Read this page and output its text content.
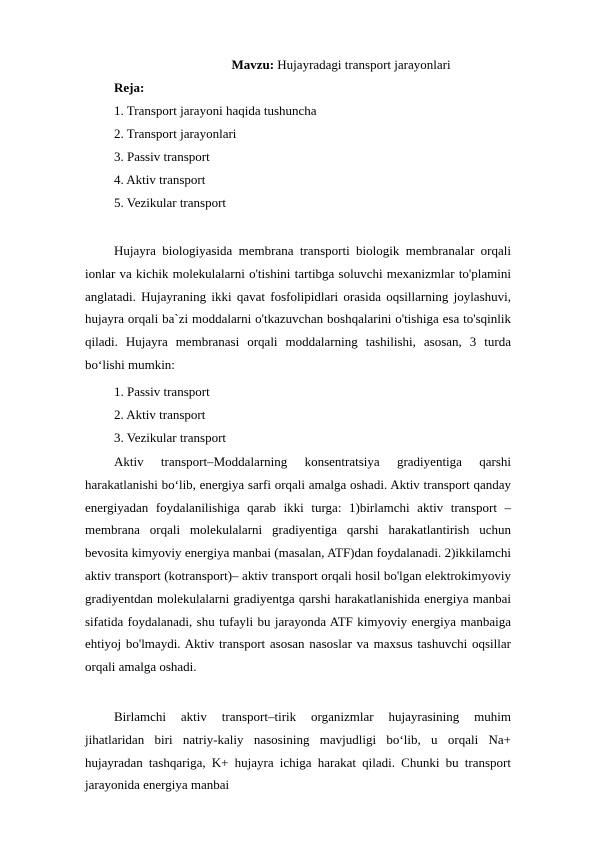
Mavzu: Hujayradagi transport jarayonlari
Reja:
1. Transport jarayoni haqida tushuncha
2. Transport jarayonlari
3. Passiv transport
4. Aktiv transport
5. Vezikular transport

Hujayra biologiyasida membrana transporti biologik membranalar orqali ionlar va kichik molekulalarni o'tishini tartibga soluvchi mexanizmlar to'plamini anglatadi. Hujayraning ikki qavat fosfolipidlari orasida oqsillarning joylashuvi, hujayra orqali ba`zi moddalarni o'tkazuvchan boshqalarini o'tishiga esa to'sqinlik qiladi. Hujayra membranasi orqali moddalarning tashilishi, asosan, 3 turda bo‘lishi mumkin:

1. Passiv transport
2. Aktiv transport
3. Vezikular transport

Aktiv transport–Moddalarning konsentratsiya gradiyentiga qarshi harakatlanishi bo‘lib, energiya sarfi orqali amalga oshadi. Aktiv transport qanday energiyadan foydalanilishiga qarab ikki turga: 1)birlamchi aktiv transport – membrana orqali molekulalarni gradiyentiga qarshi harakatlantirish uchun bevosita kimyoviy energiya manbai (masalan, ATF)dan foydalanadi. 2)ikkilamchi aktiv transport (kotransport)– aktiv transport orqali hosil bo'lgan elektrokimyoviy gradiyentdan molekulalarni gradiyentga qarshi harakatlanishida energiya manbai sifatida foydalanadi, shu tufayli bu jarayonda ATF kimyoviy energiya manbaiga ehtiyoj bo'lmaydi. Aktiv transport asosan nasoslar va maxsus tashuvchi oqsillar orqali amalga oshadi.

Birlamchi aktiv transport–tirik organizmlar hujayrasining muhim jihatlaridan biri natriy-kaliy nasosining mavjudligi bo‘lib, u orqali Na+ hujayradan tashqariga, K+ hujayra ichiga harakat qiladi. Chunki bu transport jarayonida energiya manbai
